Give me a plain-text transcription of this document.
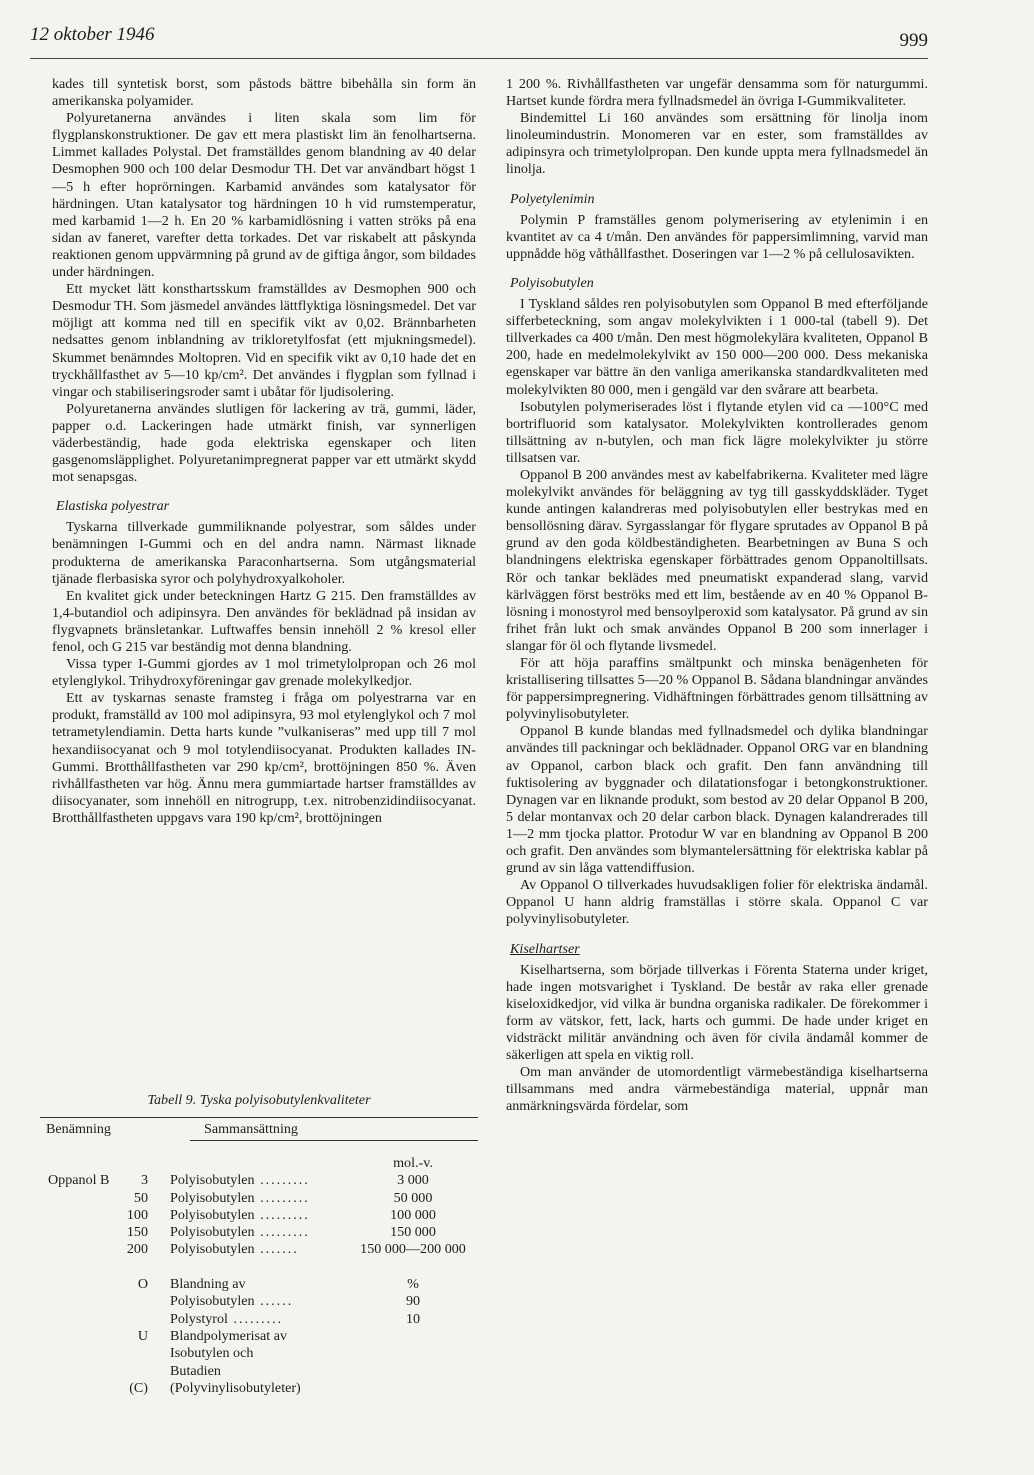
12 oktober 1946	999

kades till syntetisk borst, som påstods bättre bibehålla sin form än amerikanska polyamider.

Polyuretanerna användes i liten skala som lim för flygplanskonstruktioner. De gav ett mera plastiskt lim än fenolhartserna. Limmet kallades Polystal. Det framställdes genom blandning av 40 delar Desmophen 900 och 100 delar Desmodur TH. Det var användbart högst 1—5 h efter hoprörningen. Karbamid användes som katalysator för härdningen. Utan katalysator tog härdningen 10 h vid rumstemperatur, med karbamid 1—2 h. En 20 % karbamidlösning i vatten ströks på ena sidan av faneret, varefter detta torkades. Det var riskabelt att påskynda reaktionen genom uppvärmning på grund av de giftiga ångor, som bildades under härdningen.

Ett mycket lätt konsthartsskum framställdes av Desmophen 900 och Desmodur TH. Som jäsmedel användes lättflyktiga lösningsmedel. Det var möjligt att komma ned till en specifik vikt av 0,02. Brännbarheten nedsattes genom inblandning av trikloretylfosfat (ett mjukningsmedel). Skummet benämndes Moltopren. Vid en specifik vikt av 0,10 hade det en tryckhållfasthet av 5—10 kp/cm². Det användes i flygplan som fyllnad i vingar och stabiliseringsroder samt i ubåtar för ljudisolering.

Polyuretanerna användes slutligen för lackering av trä, gummi, läder, papper o.d. Lackeringen hade utmärkt finish, var synnerligen väderbeständig, hade goda elektriska egenskaper och liten gasgenomsläpplighet. Polyuretanimpregnerat papper var ett utmärkt skydd mot senapsgas.

Elastiska polyestrar

Tyskarna tillverkade gummiliknande polyestrar, som såldes under benämningen I-Gummi och en del andra namn. Närmast liknade produkterna de amerikanska Paraconhartserna. Som utgångsmaterial tjänade flerbasiska syror och polyhydroxyalkoholer.

En kvalitet gick under beteckningen Hartz G 215. Den framställdes av 1,4-butandiol och adipinsyra. Den användes för beklädnad på insidan av flygvapnets bränsletankar. Luftwaffes bensin innehöll 2 % kresol eller fenol, och G 215 var beständig mot denna blandning.

Vissa typer I-Gummi gjordes av 1 mol trimetylolpropan och 26 mol etylenglykol. Trihydroxyföreningar gav grenade molekylkedjor.

Ett av tyskarnas senaste framsteg i fråga om polyestrarna var en produkt, framställd av 100 mol adipinsyra, 93 mol etylenglykol och 7 mol tetrametylendiamin. Detta harts kunde ”vulkaniseras” med upp till 7 mol hexandiisocyanat och 9 mol totylendiisocyanat. Produkten kallades IN-Gummi. Brotthållfastheten var 290 kp/cm², brottöjningen 850 %. Även rivhållfastheten var hög. Ännu mera gummiartade hartser framställdes av diisocyanater, som innehöll en nitrogrupp, t.ex. nitrobenzidindiisocyanat. Brotthållfastheten uppgavs vara 190 kp/cm², brottöjningen

1 200 %. Rivhållfastheten var ungefär densamma som för naturgummi. Hartset kunde fördra mera fyllnadsmedel än övriga I-Gummikvaliteter.

Bindemittel Li 160 användes som ersättning för linolja inom linoleumindustrin. Monomeren var en ester, som framställdes av adipinsyra och trimetylolpropan. Den kunde uppta mera fyllnadsmedel än linolja.

Polyetylenimin

Polymin P framställes genom polymerisering av etylenimin i en kvantitet av ca 4 t/mån. Den användes för pappersimlimning, varvid man uppnådde hög våthållfasthet. Doseringen var 1—2 % på cellulosavikten.

Polyisobutylen

I Tyskland såldes ren polyisobutylen som Oppanol B med efterföljande sifferbeteckning, som angav molekylvikten i 1 000-tal (tabell 9). Det tillverkades ca 400 t/mån. Den mest högmolekylära kvaliteten, Oppanol B 200, hade en medelmolekylvikt av 150 000—200 000. Dess mekaniska egenskaper var bättre än den vanliga amerikanska standardkvaliteten med molekylvikten 80 000, men i gengäld var den svårare att bearbeta.

Isobutylen polymeriserades löst i flytande etylen vid ca —100°C med bortrifluorid som katalysator. Molekylvikten kontrollerades genom tillsättning av n-butylen, och man fick lägre molekylvikter ju större tillsatsen var.

Oppanol B 200 användes mest av kabelfabrikerna. Kvaliteter med lägre molekylvikt användes för beläggning av tyg till gasskyddskläder. Tyget kunde antingen kalandreras med polyisobutylen eller bestrykas med en bensollösning därav. Syrgasslangar för flygare sprutades av Oppanol B på grund av den goda köldbeständigheten. Bearbetningen av Buna S och blandningens elektriska egenskaper förbättrades genom Oppanoltillsats. Rör och tankar beklädes med pneumatiskt expanderad slang, varvid kärlväggen först beströks med ett lim, bestående av en 40 % Oppanol B-lösning i monostyrol med bensoylperoxid som katalysator. På grund av sin frihet från lukt och smak användes Oppanol B 200 som innerlager i slangar för öl och flytande livsmedel.

För att höja paraffins smältpunkt och minska benägenheten för kristallisering tillsattes 5—20 % Oppanol B. Sådana blandningar användes för pappersimpregnering. Vidhäftningen förbättrades genom tillsättning av polyvinylisobutyleter.

Oppanol B kunde blandas med fyllnadsmedel och dylika blandningar användes till packningar och beklädnader. Oppanol ORG var en blandning av Oppanol, carbon black och grafit. Den fann användning till fuktisolering av byggnader och dilatationsfogar i betongkonstruktioner. Dynagen var en liknande produkt, som bestod av 20 delar Oppanol B 200, 5 delar montanvax och 20 delar carbon black. Dynagen kalandrerades till 1—2 mm tjocka plattor. Protodur W var en blandning av Oppanol B 200 och grafit. Den användes som blymantelersättning för elektriska kablar på grund av sin låga vattendiffusion.

Av Oppanol O tillverkades huvudsakligen folier för elektriska ändamål. Oppanol U hann aldrig framställas i större skala. Oppanol C var polyvinylisobutyleter.

Kiselhartser

Kiselhartserna, som började tillverkas i Förenta Staterna under kriget, hade ingen motsvarighet i Tyskland. De består av raka eller grenade kiseloxidkedjor, vid vilka är bundna organiska radikaler. De förekommer i form av vätskor, fett, lack, harts och gummi. De hade under kriget en vidsträckt militär användning och även för civila ändamål kommer de säkerligen att spela en viktig roll.

Om man använder de utomordentligt värmebeständiga kiselhartserna tillsammans med andra värmebeständiga material, uppnår man anmärkningsvärda fördelar, som

Tabell 9. Tyska polyisobutylenkvaliteter

Benämning	Sammansättning
mol.-v.
Oppanol B	3 Polyisobutylen .........	3 000
50 Polyisobutylen .........	50 000
100 Polyisobutylen .........	100 000
150 Polyisobutylen .........	150 000
200 Polyisobutylen .......	150 000—200 000
O Blandning av	%
Polyisobutylen ......	90
Polystyrol .........	10
U Blandpolymerisat av
Isobutylen och
Butadien
(C) (Polyvinylisobutyleter)
